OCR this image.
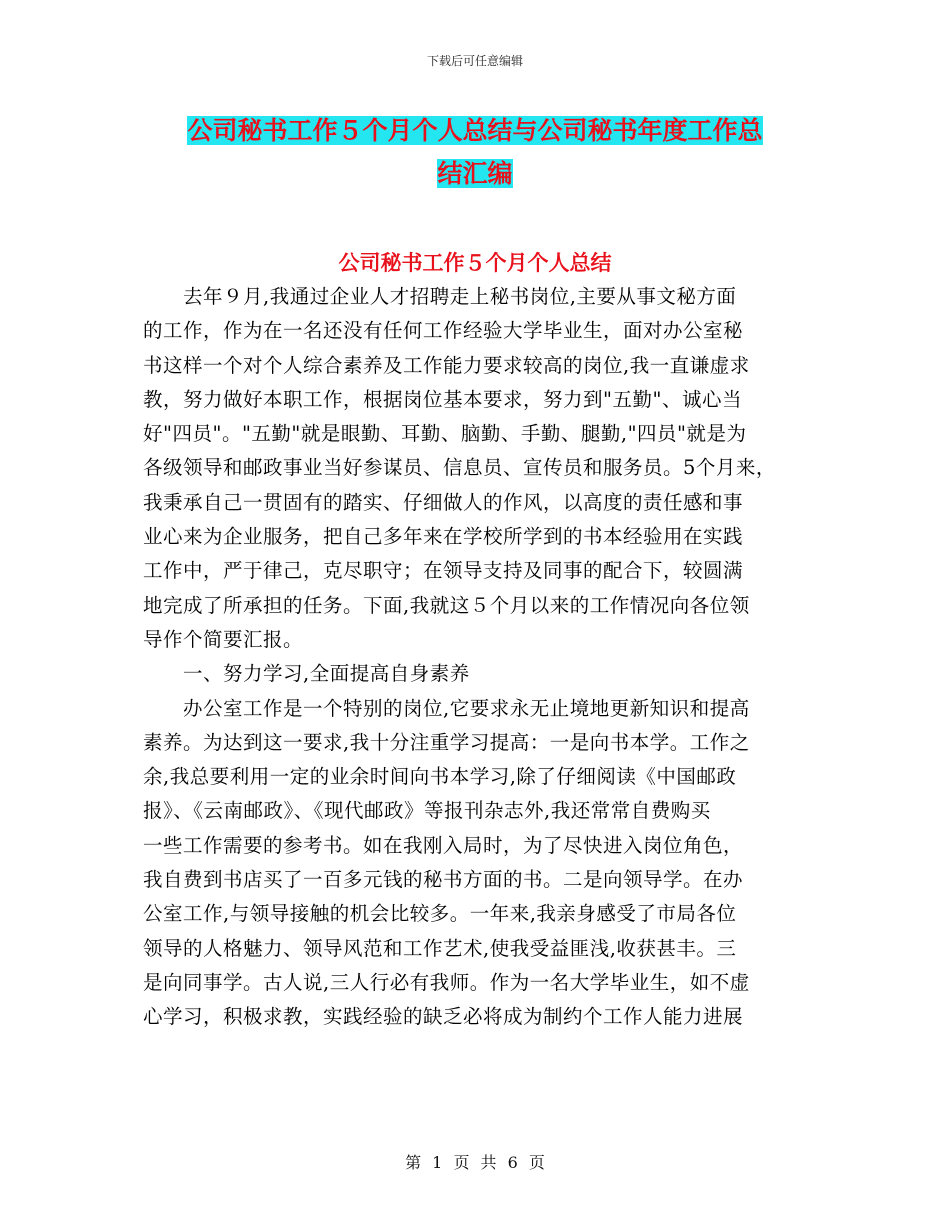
下载后可任意编辑
公司秘书工作５个月个人总结与公司秘书年度工作总
结汇编
公司秘书工作５个月个人总结
去年９月,我通过企业人才招聘走上秘书岗位,主要从事文秘方面
的工作，作为在一名还没有任何工作经验大学毕业生，面对办公室秘
书这样一个对个人综合素养及工作能力要求较高的岗位,我一直谦虚求
教，努力做好本职工作，根据岗位基本要求，努力到"五勤"、诚心当
好"四员"。"五勤"就是眼勤、耳勤、脑勤、手勤、腿勤,"四员"就是为
各级领导和邮政事业当好参谋员、信息员、宣传员和服务员。5个月来，
我秉承自己一贯固有的踏实、仔细做人的作风，以高度的责任感和事
业心来为企业服务，把自己多年来在学校所学到的书本经验用在实践
工作中，严于律己，克尽职守；在领导支持及同事的配合下，较圆满
地完成了所承担的任务。下面,我就这５个月以来的工作情况向各位领
导作个简要汇报。
一、努力学习,全面提高自身素养
办公室工作是一个特别的岗位,它要求永无止境地更新知识和提高
素养。为达到这一要求,我十分注重学习提高：一是向书本学。工作之
余,我总要利用一定的业余时间向书本学习,除了仔细阅读《中国邮政
报》、《云南邮政》、《现代邮政》等报刊杂志外,我还常常自费购买
一些工作需要的参考书。如在我刚入局时，为了尽快进入岗位角色，
我自费到书店买了一百多元钱的秘书方面的书。二是向领导学。在办
公室工作,与领导接触的机会比较多。一年来,我亲身感受了市局各位
领导的人格魅力、领导风范和工作艺术,使我受益匪浅,收获甚丰。三
是向同事学。古人说,三人行必有我师。作为一名大学毕业生，如不虚
心学习，积极求教，实践经验的缺乏必将成为制约个工作人能力进展
第 1 页 共 6 页
